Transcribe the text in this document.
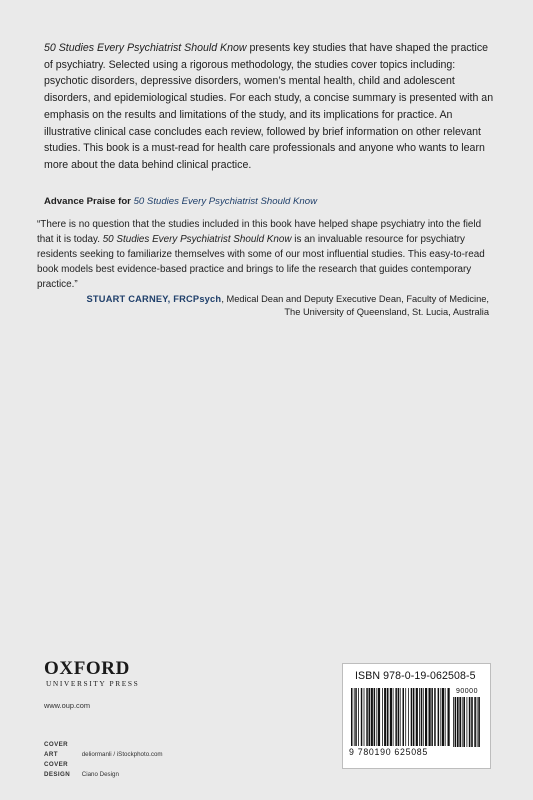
50 Studies Every Psychiatrist Should Know presents key studies that have shaped the practice of psychiatry. Selected using a rigorous methodology, the studies cover topics including: psychotic disorders, depressive disorders, women’s mental health, child and adolescent disorders, and epidemiological studies. For each study, a concise summary is presented with an emphasis on the results and limitations of the study, and its implications for practice. An illustrative clinical case concludes each review, followed by brief information on other relevant studies. This book is a must-read for health care professionals and anyone who wants to learn more about the data behind clinical practice.

Advance Praise for 50 Studies Every Psychiatrist Should Know

“There is no question that the studies included in this book have helped shape psychiatry into the field that it is today. 50 Studies Every Psychiatrist Should Know is an invaluable resource for psychiatry residents seeking to familiarize themselves with some of our most influential studies. This easy-to-read book models best evidence-based practice and brings to life the research that guides contemporary practice.”

STUART CARNEY, FRCPsych, Medical Dean and Deputy Executive Dean, Faculty of Medicine,
The University of Queensland, St. Lucia, Australia
OXFORD
UNIVERSITY PRESS
www.oup.com
COVER ART	deliormanli / iStockphoto.com
COVER DESIGN Ciano Design
ISBN 978-0-19-062508-5
90000
9 780190 625085
